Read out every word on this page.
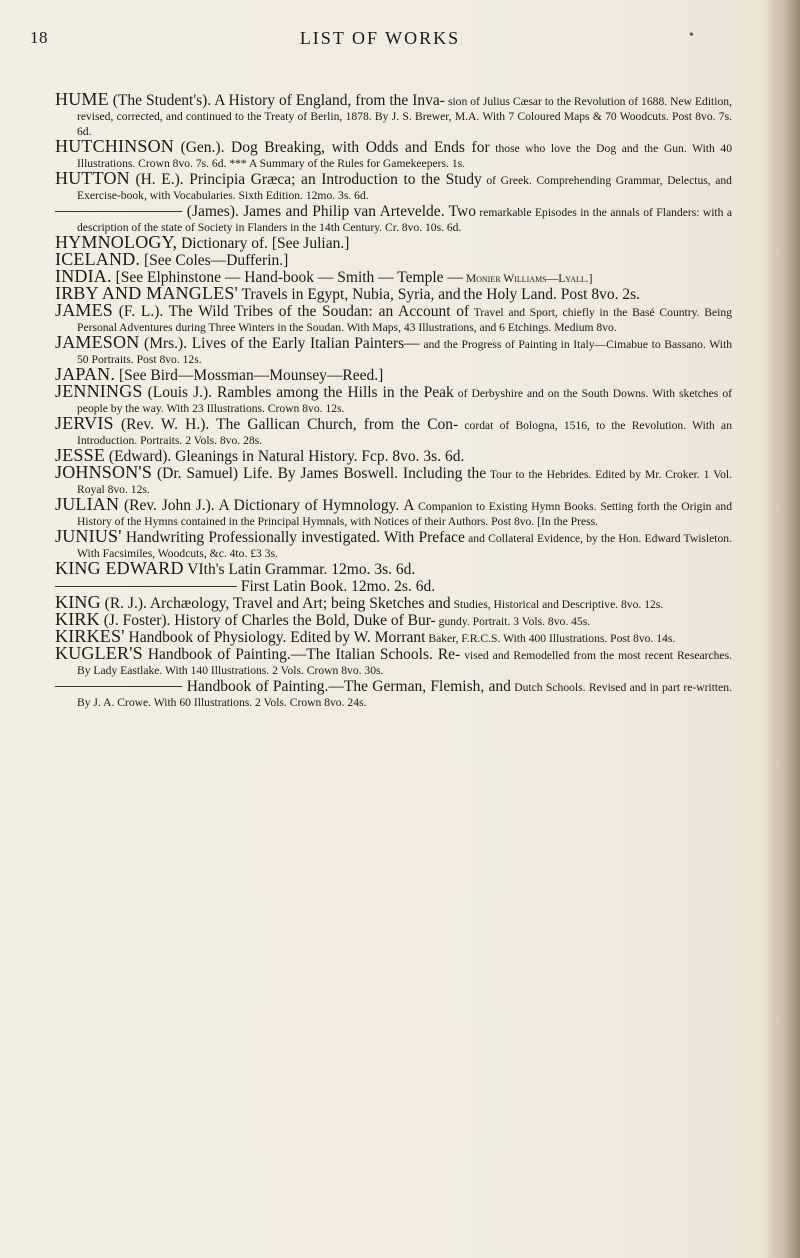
18	LIST OF WORKS	•

HUME (The Student's). A History of England, from the Inva- sion of Julius Cæsar to the Revolution of 1688. New Edition, revised, corrected, and continued to the Treaty of Berlin, 1878. By J. S. Brewer, M.A. With 7 Coloured Maps & 70 Woodcuts. Post 8vo. 7s. 6d.

HUTCHINSON (Gen.). Dog Breaking, with Odds and Ends for those who love the Dog and the Gun. With 40 Illustrations. Crown 8vo. 7s. 6d. *** A Summary of the Rules for Gamekeepers. 1s.

HUTTON (H. E.). Principia Græca; an Introduction to the Study of Greek. Comprehending Grammar, Delectus, and Exercise-book, with Vocabularies. Sixth Edition. 12mo. 3s. 6d.

——————— (James). James and Philip van Artevelde. Two remarkable Episodes in the annals of Flanders: with a description of the state of Society in Flanders in the 14th Century. Cr. 8vo. 10s. 6d.

HYMNOLOGY, Dictionary of. [See Julian.]

ICELAND. [See Coles—Dufferin.]

INDIA. [See Elphinstone — Hand-book — Smith — Temple — Monier Williams—Lyall.]

IRBY AND MANGLES' Travels in Egypt, Nubia, Syria, and the Holy Land. Post 8vo. 2s.

JAMES (F. L.). The Wild Tribes of the Soudan: an Account of Travel and Sport, chiefly in the Basé Country. Being Personal Adventures during Three Winters in the Soudan. With Maps, 43 Illustrations, and 6 Etchings. Medium 8vo.

JAMESON (Mrs.). Lives of the Early Italian Painters— and the Progress of Painting in Italy—Cimabue to Bassano. With 50 Portraits. Post 8vo. 12s.

JAPAN. [See Bird—Mossman—Mounsey—Reed.]

JENNINGS (Louis J.). Rambles among the Hills in the Peak of Derbyshire and on the South Downs. With sketches of people by the way. With 23 Illustrations. Crown 8vo. 12s.

JERVIS (Rev. W. H.). The Gallican Church, from the Con- cordat of Bologna, 1516, to the Revolution. With an Introduction. Portraits. 2 Vols. 8vo. 28s.

JESSE (Edward). Gleanings in Natural History. Fcp. 8vo. 3s. 6d.

JOHNSON'S (Dr. Samuel) Life. By James Boswell. Including the Tour to the Hebrides. Edited by Mr. Croker. 1 Vol. Royal 8vo. 12s.

JULIAN (Rev. John J.). A Dictionary of Hymnology. A Companion to Existing Hymn Books. Setting forth the Origin and History of the Hymns contained in the Principal Hymnals, with Notices of their Authors. Post 8vo. [In the Press.

JUNIUS' Handwriting Professionally investigated. With Preface and Collateral Evidence, by the Hon. Edward Twisleton. With Facsimiles, Woodcuts, &c. 4to. £3 3s.

KING EDWARD VIth's Latin Grammar. 12mo. 3s. 6d.

—————————— First Latin Book. 12mo. 2s. 6d.

KING (R. J.). Archæology, Travel and Art; being Sketches and Studies, Historical and Descriptive. 8vo. 12s.

KIRK (J. Foster). History of Charles the Bold, Duke of Bur- gundy. Portrait. 3 Vols. 8vo. 45s.

KIRKES' Handbook of Physiology. Edited by W. Morrant Baker, F.R.C.S. With 400 Illustrations. Post 8vo. 14s.

KUGLER'S Handbook of Painting.—The Italian Schools. Re- vised and Remodelled from the most recent Researches. By Lady Eastlake. With 140 Illustrations. 2 Vols. Crown 8vo. 30s.

——————— Handbook of Painting.—The German, Flemish, and Dutch Schools. Revised and in part re-written. By J. A. Crowe. With 60 Illustrations. 2 Vols. Crown 8vo. 24s.
